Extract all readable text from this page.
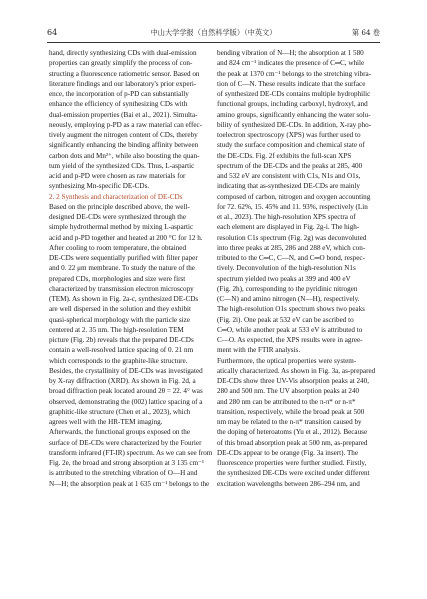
64	中山大学学报（自然科学版）（中英文）	第 64 卷
hand, directly synthesizing CDs with dual-emission
properties can greatly simplify the process of con-
structing a fluorescence ratiometric sensor. Based on
literature findings and our laboratory's prior experi-
ence, the incorporation of p-PD can substantially
enhance the efficiency of synthesizing CDs with
dual-emission properties (Bai et al., 2021). Simulta-
neously, employing p-PD as a raw material can effec-
tively augment the nitrogen content of CDs, thereby
significantly enhancing the binding affinity between
carbon dots and Mn²⁺, while also boosting the quan-
tum yield of the synthesized CDs. Thus, L-aspartic
acid and p-PD were chosen as raw materials for
synthesizing Mn-specific DE-CDs.
2. 2 Synthesis and characterization of DE-CDs
Based on the principle described above, the well-
designed DE-CDs were synthesized through the
simple hydrothermal method by mixing L-aspartic
acid and p-PD together and heated at 200 °C for 12 h.
After cooling to room temperature, the obtained
DE-CDs were sequentially purified with filter paper
and 0. 22 μm membrane. To study the nature of the
prepared CDs, morphologies and size were first
characterized by transmission electron microscopy
(TEM). As shown in Fig. 2a-c, synthesized DE-CDs
are well dispersed in the solution and they exhibit
quasi-spherical morphology with the particle size
centered at 2. 35 nm. The high-resolution TEM
picture (Fig. 2b) reveals that the prepared DE-CDs
contain a well-resolved lattice spacing of 0. 21 nm
which corresponds to the graphite-like structure.
Besides, the crystallinity of DE-CDs was investigated
by X-ray diffraction (XRD). As shown in Fig. 2d, a
broad diffraction peak located around 2θ = 22. 4° was
observed, demonstrating the (002) lattice spacing of a
graphitic-like structure (Chen et al., 2023), which
agrees well with the HR-TEM imaging.
Afterwards, the functional groups exposed on the
surface of DE-CDs were characterized by the Fourier
transform infrared (FT-IR) spectrum. As we can see from
Fig. 2e, the broad and strong absorption at 3 135 cm⁻¹
is attributed to the stretching vibration of O—H and
N—H; the absorption peak at 1 635 cm⁻¹ belongs to the
bending vibration of N—H; the absorption at 1 580
and 824 cm⁻¹ indicates the presence of C═C, while
the peak at 1370 cm⁻¹ belongs to the stretching vibra-
tion of C—N. These results indicate that the surface
of synthesized DE-CDs contains multiple hydrophilic
functional groups, including carboxyl, hydroxyl, and
amino groups, significantly enhancing the water solu-
bility of synthesized DE-CDs. In addition, X-ray pho-
toelectron spectroscopy (XPS) was further used to
study the surface composition and chemical state of
the DE-CDs. Fig. 2f exhibits the full-scan XPS
spectrum of the DE-CDs and the peaks at 285, 400
and 532 eV are consistent with C1s, N1s and O1s,
indicating that as-synthesized DE-CDs are mainly
composed of carbon, nitrogen and oxygen accounting
for 72. 62%, 15. 45% and 11. 93%, respectively (Lin
et al., 2023). The high-resolution XPS spectra of
each element are displayed in Fig. 2g-i. The high-
resolution C1s spectrum (Fig. 2g) was deconvoluted
into three peaks at 285, 286 and 288 eV, which con-
tributed to the C═C, C—N, and C═O bond, respec-
tively. Deconvolution of the high-resolution N1s
spectrum yielded two peaks at 399 and 400 eV
(Fig. 2h), corresponding to the pyridinic nitrogen
(C—N) and amino nitrogen (N—H), respectively.
The high-resolution O1s spectrum shows two peaks
(Fig. 2i). One peak at 532 eV can be ascribed to
C═O, while another peak at 533 eV is attributed to
C—O. As expected, the XPS results were in agree-
ment with the FTIR analysis.
Furthermore, the optical properties were system-
atically characterized. As shown in Fig. 3a, as-prepared
DE-CDs show three UV-Vis absorption peaks at 240,
280 and 500 nm. The UV absorption peaks at 240
and 280 nm can be attributed to the π-π* or n-π*
transition, respectively, while the broad peak at 500
nm may be related to the n-π* transition caused by
the doping of heteroatoms (Yu et al., 2012). Because
of this broad absorption peak at 500 nm, as-prepared
DE-CDs appear to be orange (Fig. 3a insert). The
fluorescence properties were further studied. Firstly,
the synthesized DE-CDs were excited under different
excitation wavelengths between 286–294 nm, and
